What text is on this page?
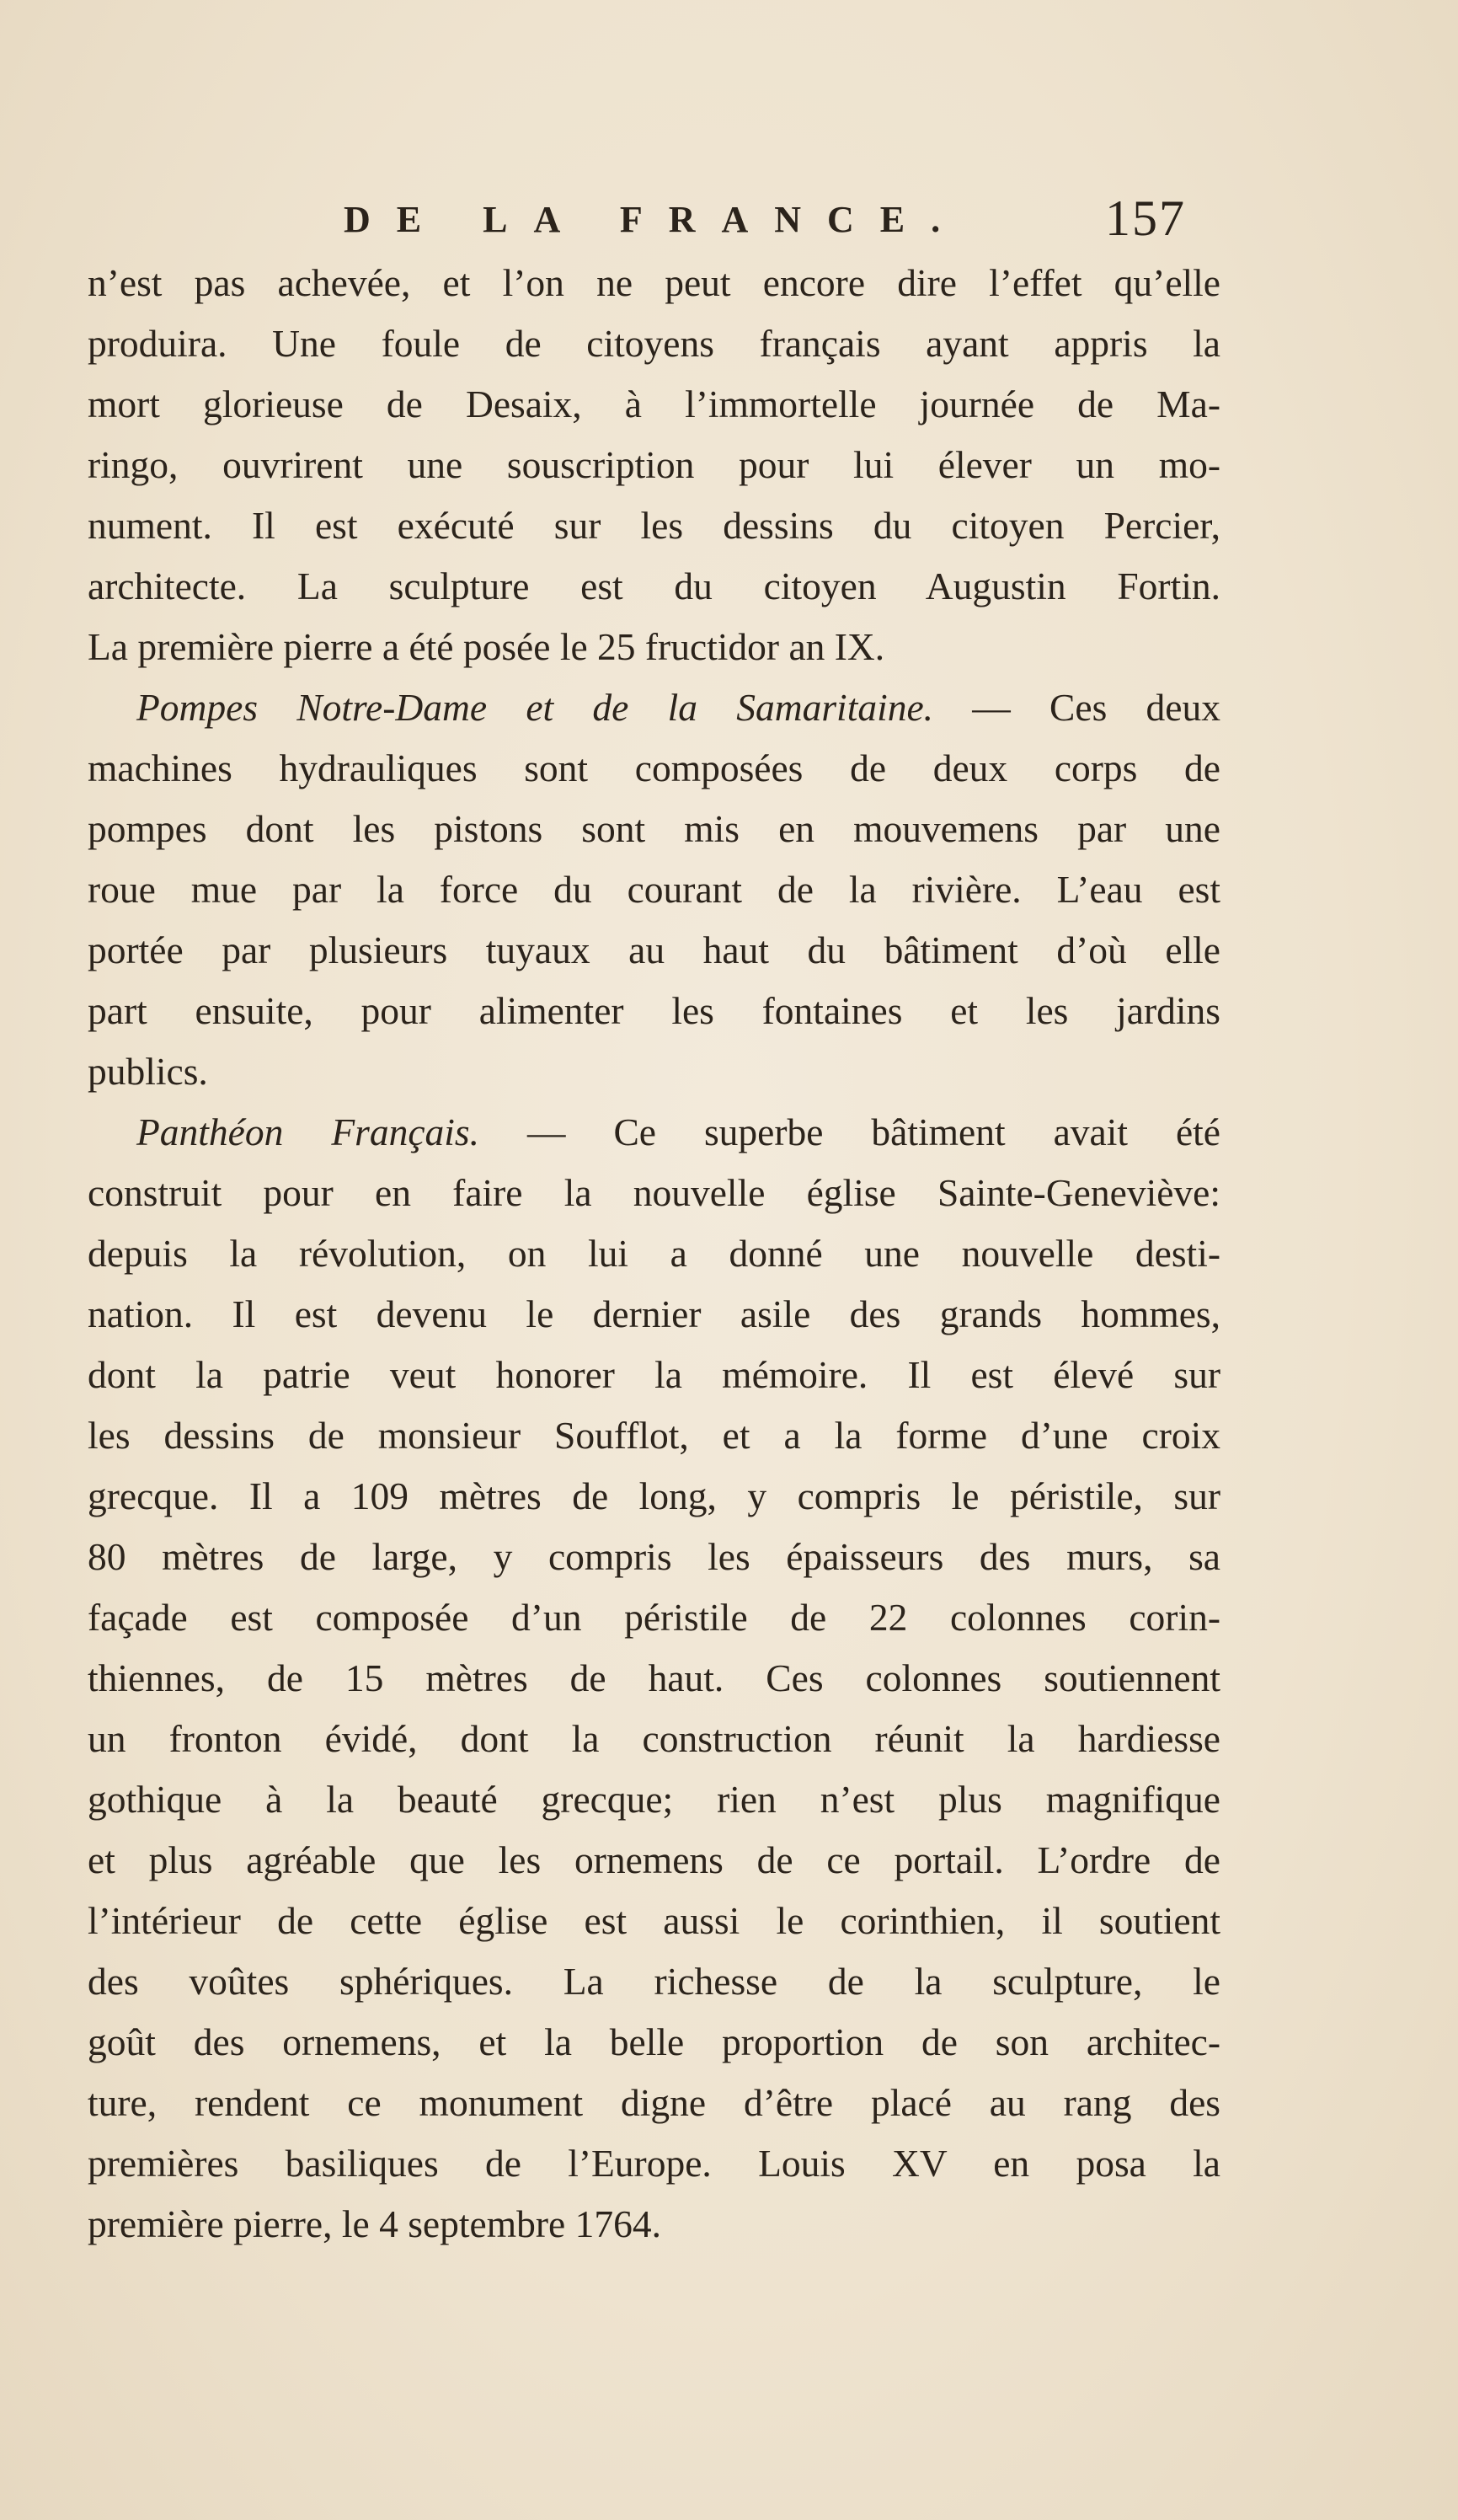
DE LA FRANCE.	157
n’est pas achevée, et l’on ne peut encore dire l’effet qu’elle
produira. Une foule de citoyens français ayant appris la
mort glorieuse de Desaix, à l’immortelle journée de Ma-
ringo, ouvrirent une souscription pour lui élever un mo-
nument. Il est exécuté sur les dessins du citoyen Percier,
architecte. La sculpture est du citoyen Augustin Fortin.
La première pierre a été posée le 25 fructidor an IX.
Pompes Notre-Dame et de la Samaritaine. — Ces deux
machines hydrauliques sont composées de deux corps de
pompes dont les pistons sont mis en mouvemens par une
roue mue par la force du courant de la rivière. L’eau est
portée par plusieurs tuyaux au haut du bâtiment d’où elle
part ensuite, pour alimenter les fontaines et les jardins
publics.
Panthéon Français. — Ce superbe bâtiment avait été
construit pour en faire la nouvelle église Sainte-Geneviève:
depuis la révolution, on lui a donné une nouvelle desti-
nation. Il est devenu le dernier asile des grands hommes,
dont la patrie veut honorer la mémoire. Il est élevé sur
les dessins de monsieur Soufflot, et a la forme d’une croix
grecque. Il a 109 mètres de long, y compris le péristile, sur
80 mètres de large, y compris les épaisseurs des murs, sa
façade est composée d’un péristile de 22 colonnes corin-
thiennes, de 15 mètres de haut. Ces colonnes soutiennent
un fronton évidé, dont la construction réunit la hardiesse
gothique à la beauté grecque; rien n’est plus magnifique
et plus agréable que les ornemens de ce portail. L’ordre de
l’intérieur de cette église est aussi le corinthien, il soutient
des voûtes sphériques. La richesse de la sculpture, le
goût des ornemens, et la belle proportion de son architec-
ture, rendent ce monument digne d’être placé au rang des
premières basiliques de l’Europe. Louis XV en posa la
première pierre, le 4 septembre 1764.
